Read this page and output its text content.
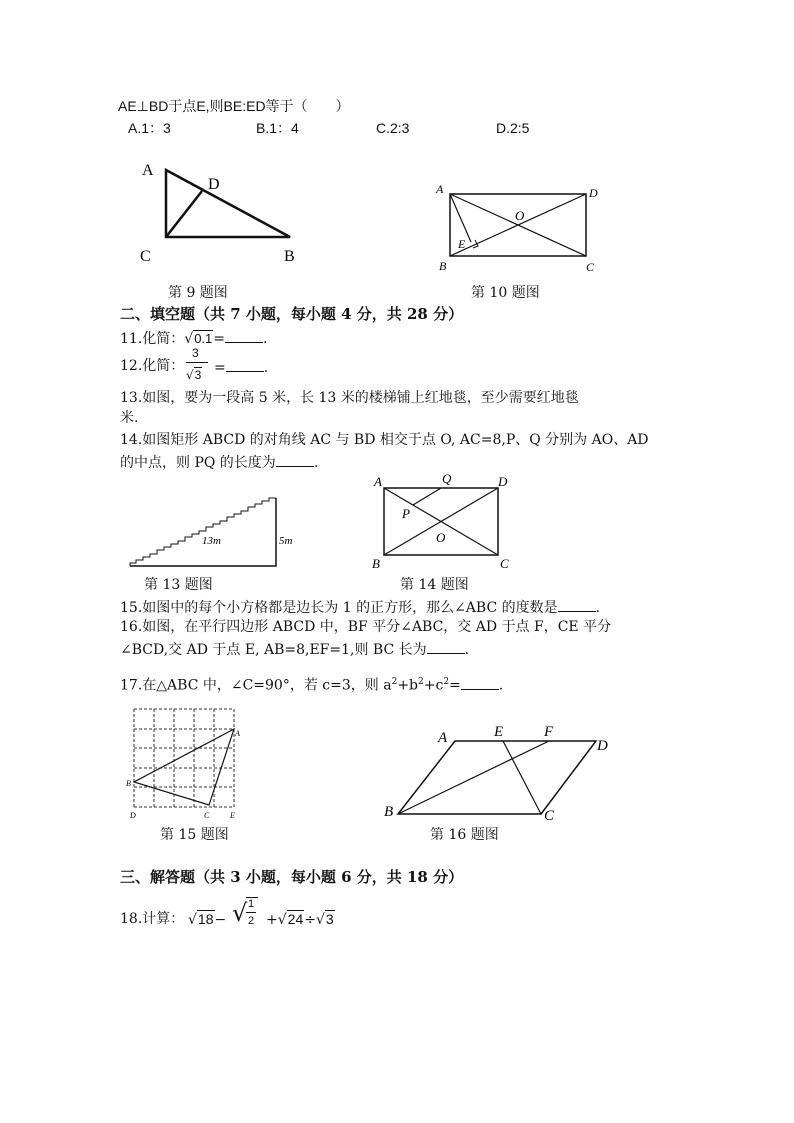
AE⊥BD于点E,则BE:ED等于（　　）
A.1：3	B.1：4	C.2:3	D.2:5
A
D
C	B
第 9 题图
A	D
O
E
B	C
第 10 题图
二、填空题（共 7 小题，每小题 4 分，共 28 分）
11.化简：√0.1=	.
12.化简：
3
√3 =	.
13.如图，要为一段高 5 米，长 13 米的楼梯铺上红地毯，至少需要红地毯
米.
14.如图矩形 ABCD 的对角线 AC 与 BD 相交于点 O, AC=8,P、Q 分别为 AO、AD
的中点，则 PQ 的长度为	.
13m	5m
第 13 题图
A	Q	D
P
O
B	C
第 14 题图
15.如图中的每个小方格都是边长为 1 的正方形，那么∠ABC 的度数是	.
16.如图，在平行四边形 ABCD 中，BF 平分∠ABC，交 AD 于点 F，CE 平分
∠BCD,交 AD 于点 E, AB=8,EF=1,则 BC 长为	.
17.在△ABC 中，∠C=90°，若 c=3，则 $a^2+b^2+c^2=$	.
A
B
D	C	E
第 15 题图
A	E	F
D
B	C
第 16 题图
三、解答题（共 3 小题，每小题 6 分，共 18 分）
18.计算： √18− √ 1
2 +√24÷√3
